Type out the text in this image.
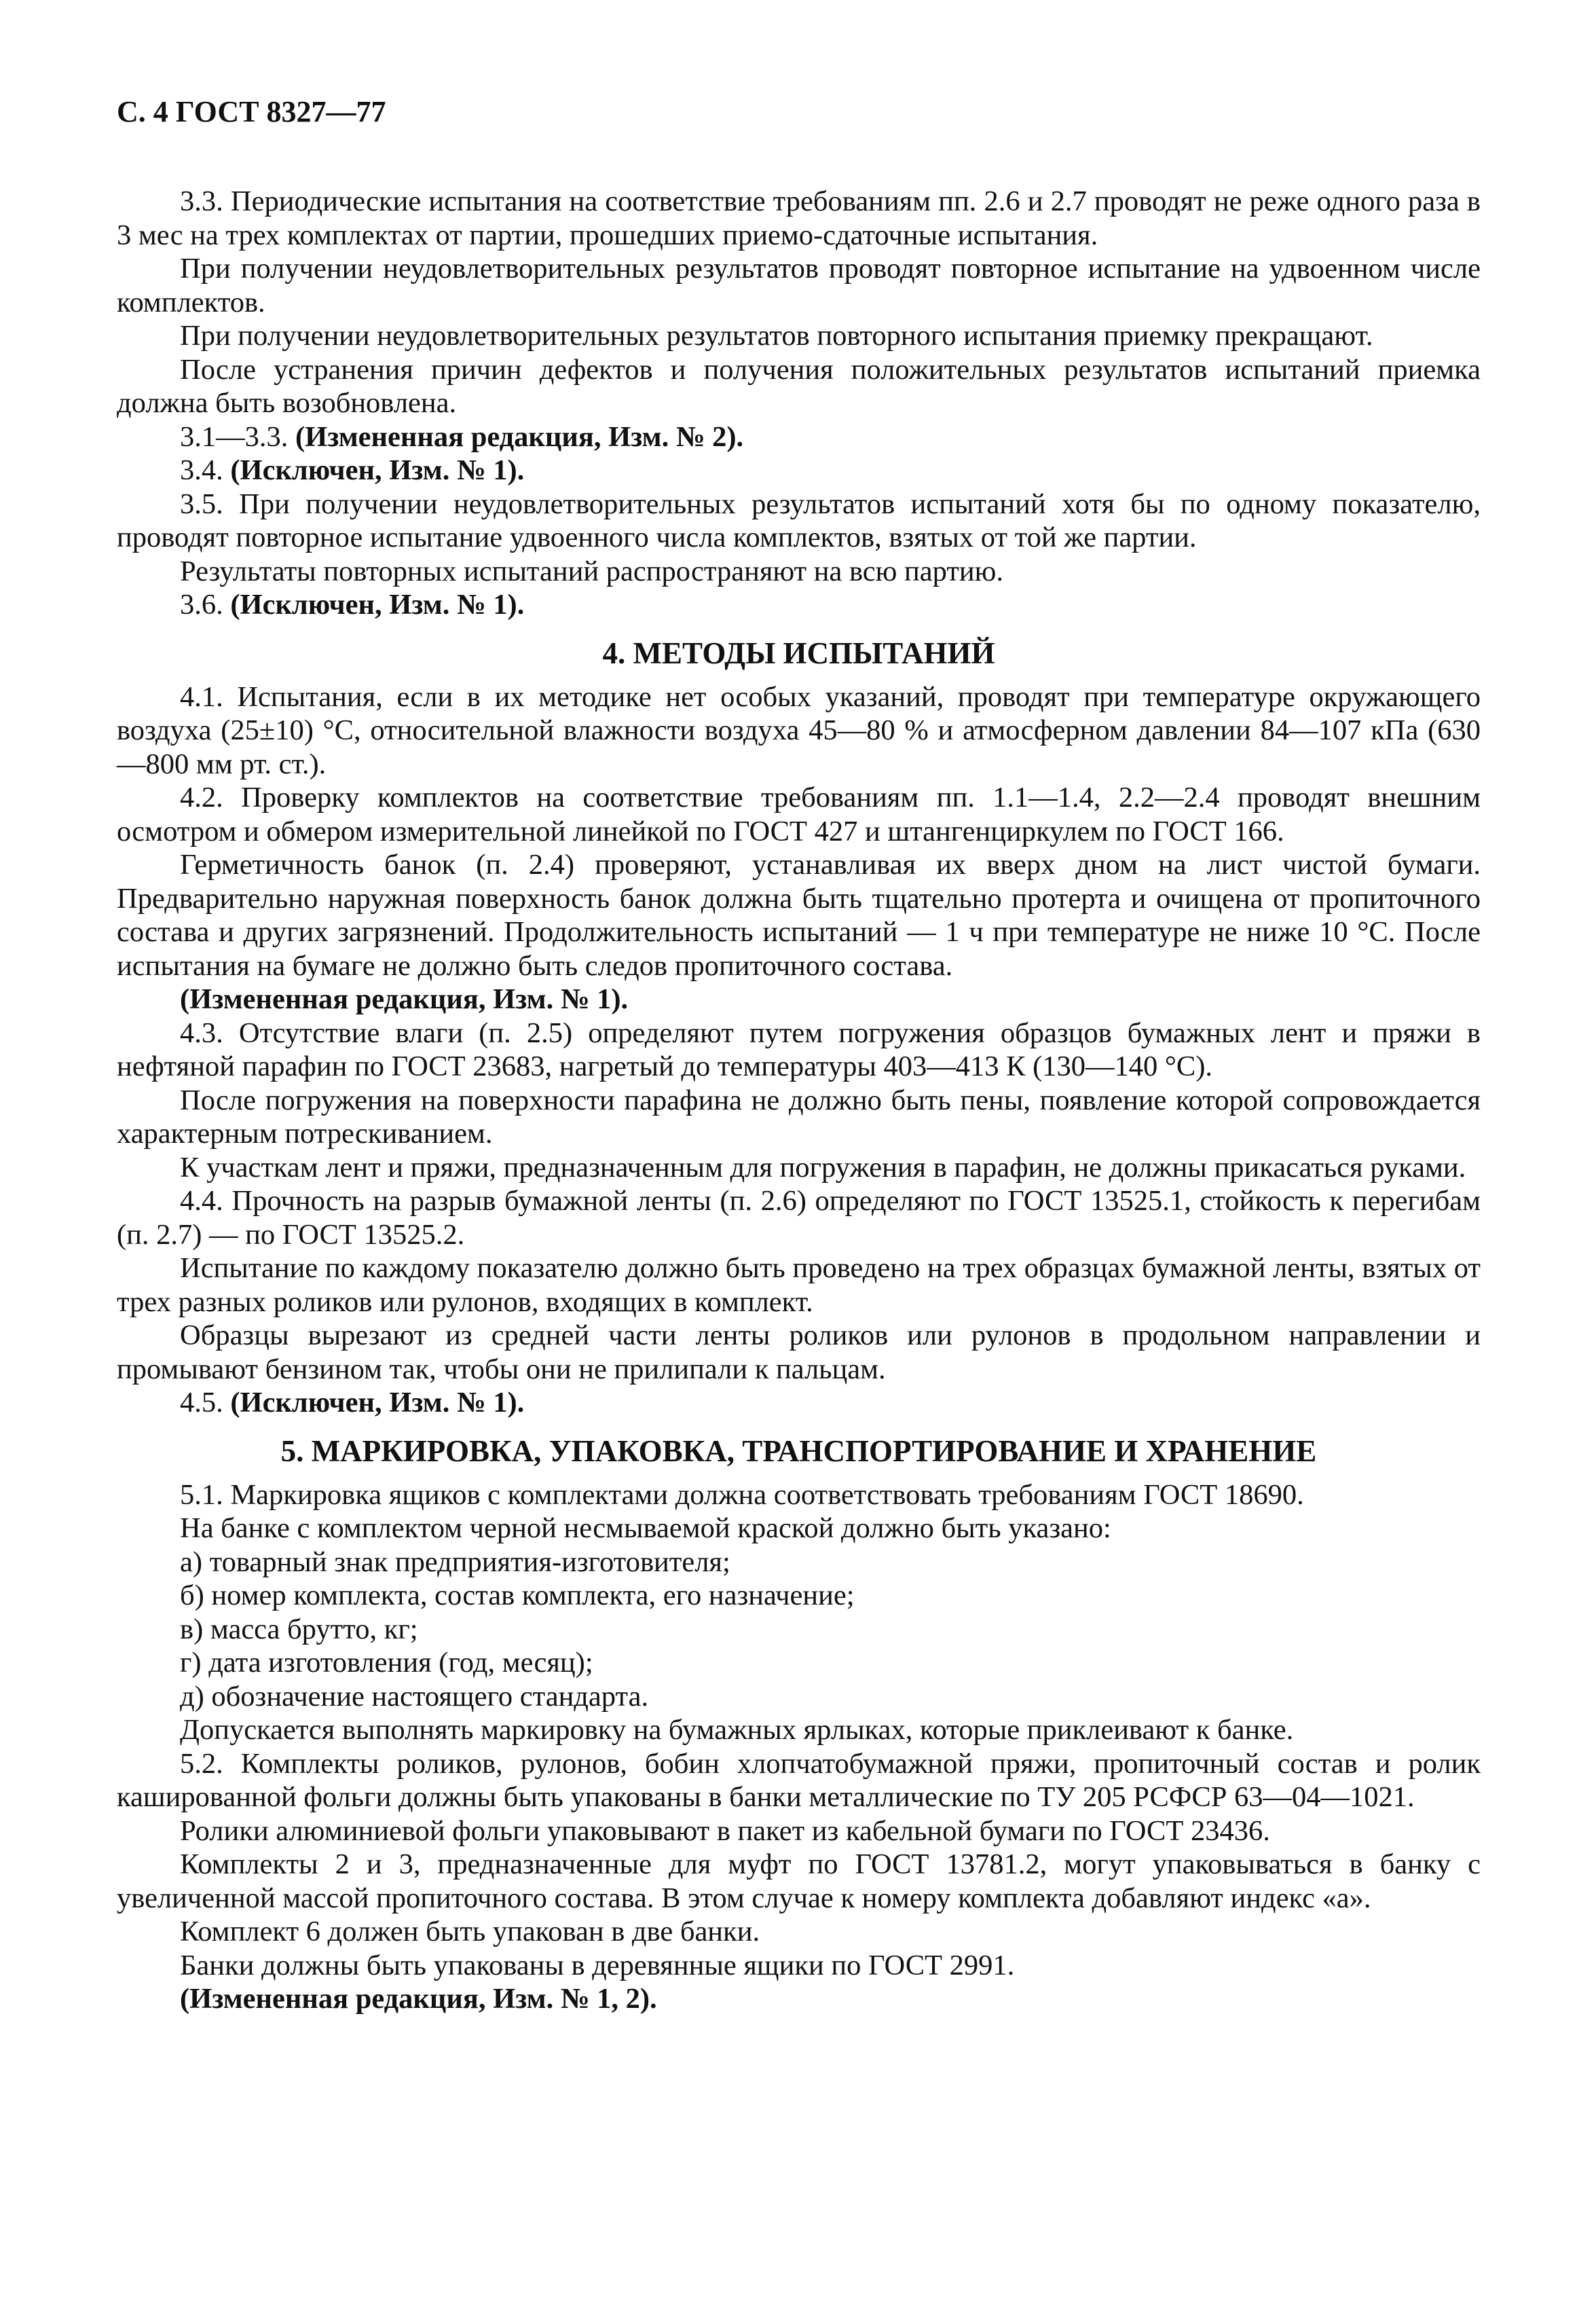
С. 4 ГОСТ 8327—77

3.3. Периодические испытания на соответствие требованиям пп. 2.6 и 2.7 проводят не реже одного раза в 3 мес на трех комплектах от партии, прошедших приемо-сдаточные испытания.

При получении неудовлетворительных результатов проводят повторное испытание на удвоенном числе комплектов.

При получении неудовлетворительных результатов повторного испытания приемку прекращают.

После устранения причин дефектов и получения положительных результатов испытаний приемка должна быть возобновлена.

3.1—3.3. (Измененная редакция, Изм. № 2).

3.4. (Исключен, Изм. № 1).

3.5. При получении неудовлетворительных результатов испытаний хотя бы по одному показателю, проводят повторное испытание удвоенного числа комплектов, взятых от той же партии.

Результаты повторных испытаний распространяют на всю партию.

3.6. (Исключен, Изм. № 1).

4. МЕТОДЫ ИСПЫТАНИЙ

4.1. Испытания, если в их методике нет особых указаний, проводят при температуре окружающего воздуха (25±10) °С, относительной влажности воздуха 45—80 % и атмосферном давлении 84—107 кПа (630—800 мм рт. ст.).

4.2. Проверку комплектов на соответствие требованиям пп. 1.1—1.4, 2.2—2.4 проводят внешним осмотром и обмером измерительной линейкой по ГОСТ 427 и штангенциркулем по ГОСТ 166.

Герметичность банок (п. 2.4) проверяют, устанавливая их вверх дном на лист чистой бумаги. Предварительно наружная поверхность банок должна быть тщательно протерта и очищена от пропиточного состава и других загрязнений. Продолжительность испытаний — 1 ч при температуре не ниже 10 °С. После испытания на бумаге не должно быть следов пропиточного состава.

(Измененная редакция, Изм. № 1).

4.3. Отсутствие влаги (п. 2.5) определяют путем погружения образцов бумажных лент и пряжи в нефтяной парафин по ГОСТ 23683, нагретый до температуры 403—413 К (130—140 °С).

После погружения на поверхности парафина не должно быть пены, появление которой сопровождается характерным потрескиванием.

К участкам лент и пряжи, предназначенным для погружения в парафин, не должны прикасаться руками.

4.4. Прочность на разрыв бумажной ленты (п. 2.6) определяют по ГОСТ 13525.1, стойкость к перегибам (п. 2.7) — по ГОСТ 13525.2.

Испытание по каждому показателю должно быть проведено на трех образцах бумажной ленты, взятых от трех разных роликов или рулонов, входящих в комплект.

Образцы вырезают из средней части ленты роликов или рулонов в продольном направлении и промывают бензином так, чтобы они не прилипали к пальцам.

4.5. (Исключен, Изм. № 1).

5. МАРКИРОВКА, УПАКОВКА, ТРАНСПОРТИРОВАНИЕ И ХРАНЕНИЕ

5.1. Маркировка ящиков с комплектами должна соответствовать требованиям ГОСТ 18690.

На банке с комплектом черной несмываемой краской должно быть указано:

а) товарный знак предприятия-изготовителя;

б) номер комплекта, состав комплекта, его назначение;

в) масса брутто, кг;

г) дата изготовления (год, месяц);

д) обозначение настоящего стандарта.

Допускается выполнять маркировку на бумажных ярлыках, которые приклеивают к банке.

5.2. Комплекты роликов, рулонов, бобин хлопчатобумажной пряжи, пропиточный состав и ролик кашированной фольги должны быть упакованы в банки металлические по ТУ 205 РСФСР 63—04—1021.

Ролики алюминиевой фольги упаковывают в пакет из кабельной бумаги по ГОСТ 23436.

Комплекты 2 и 3, предназначенные для муфт по ГОСТ 13781.2, могут упаковываться в банку с увеличенной массой пропиточного состава. В этом случае к номеру комплекта добавляют индекс «а».

Комплект 6 должен быть упакован в две банки.

Банки должны быть упакованы в деревянные ящики по ГОСТ 2991.

(Измененная редакция, Изм. № 1, 2).
